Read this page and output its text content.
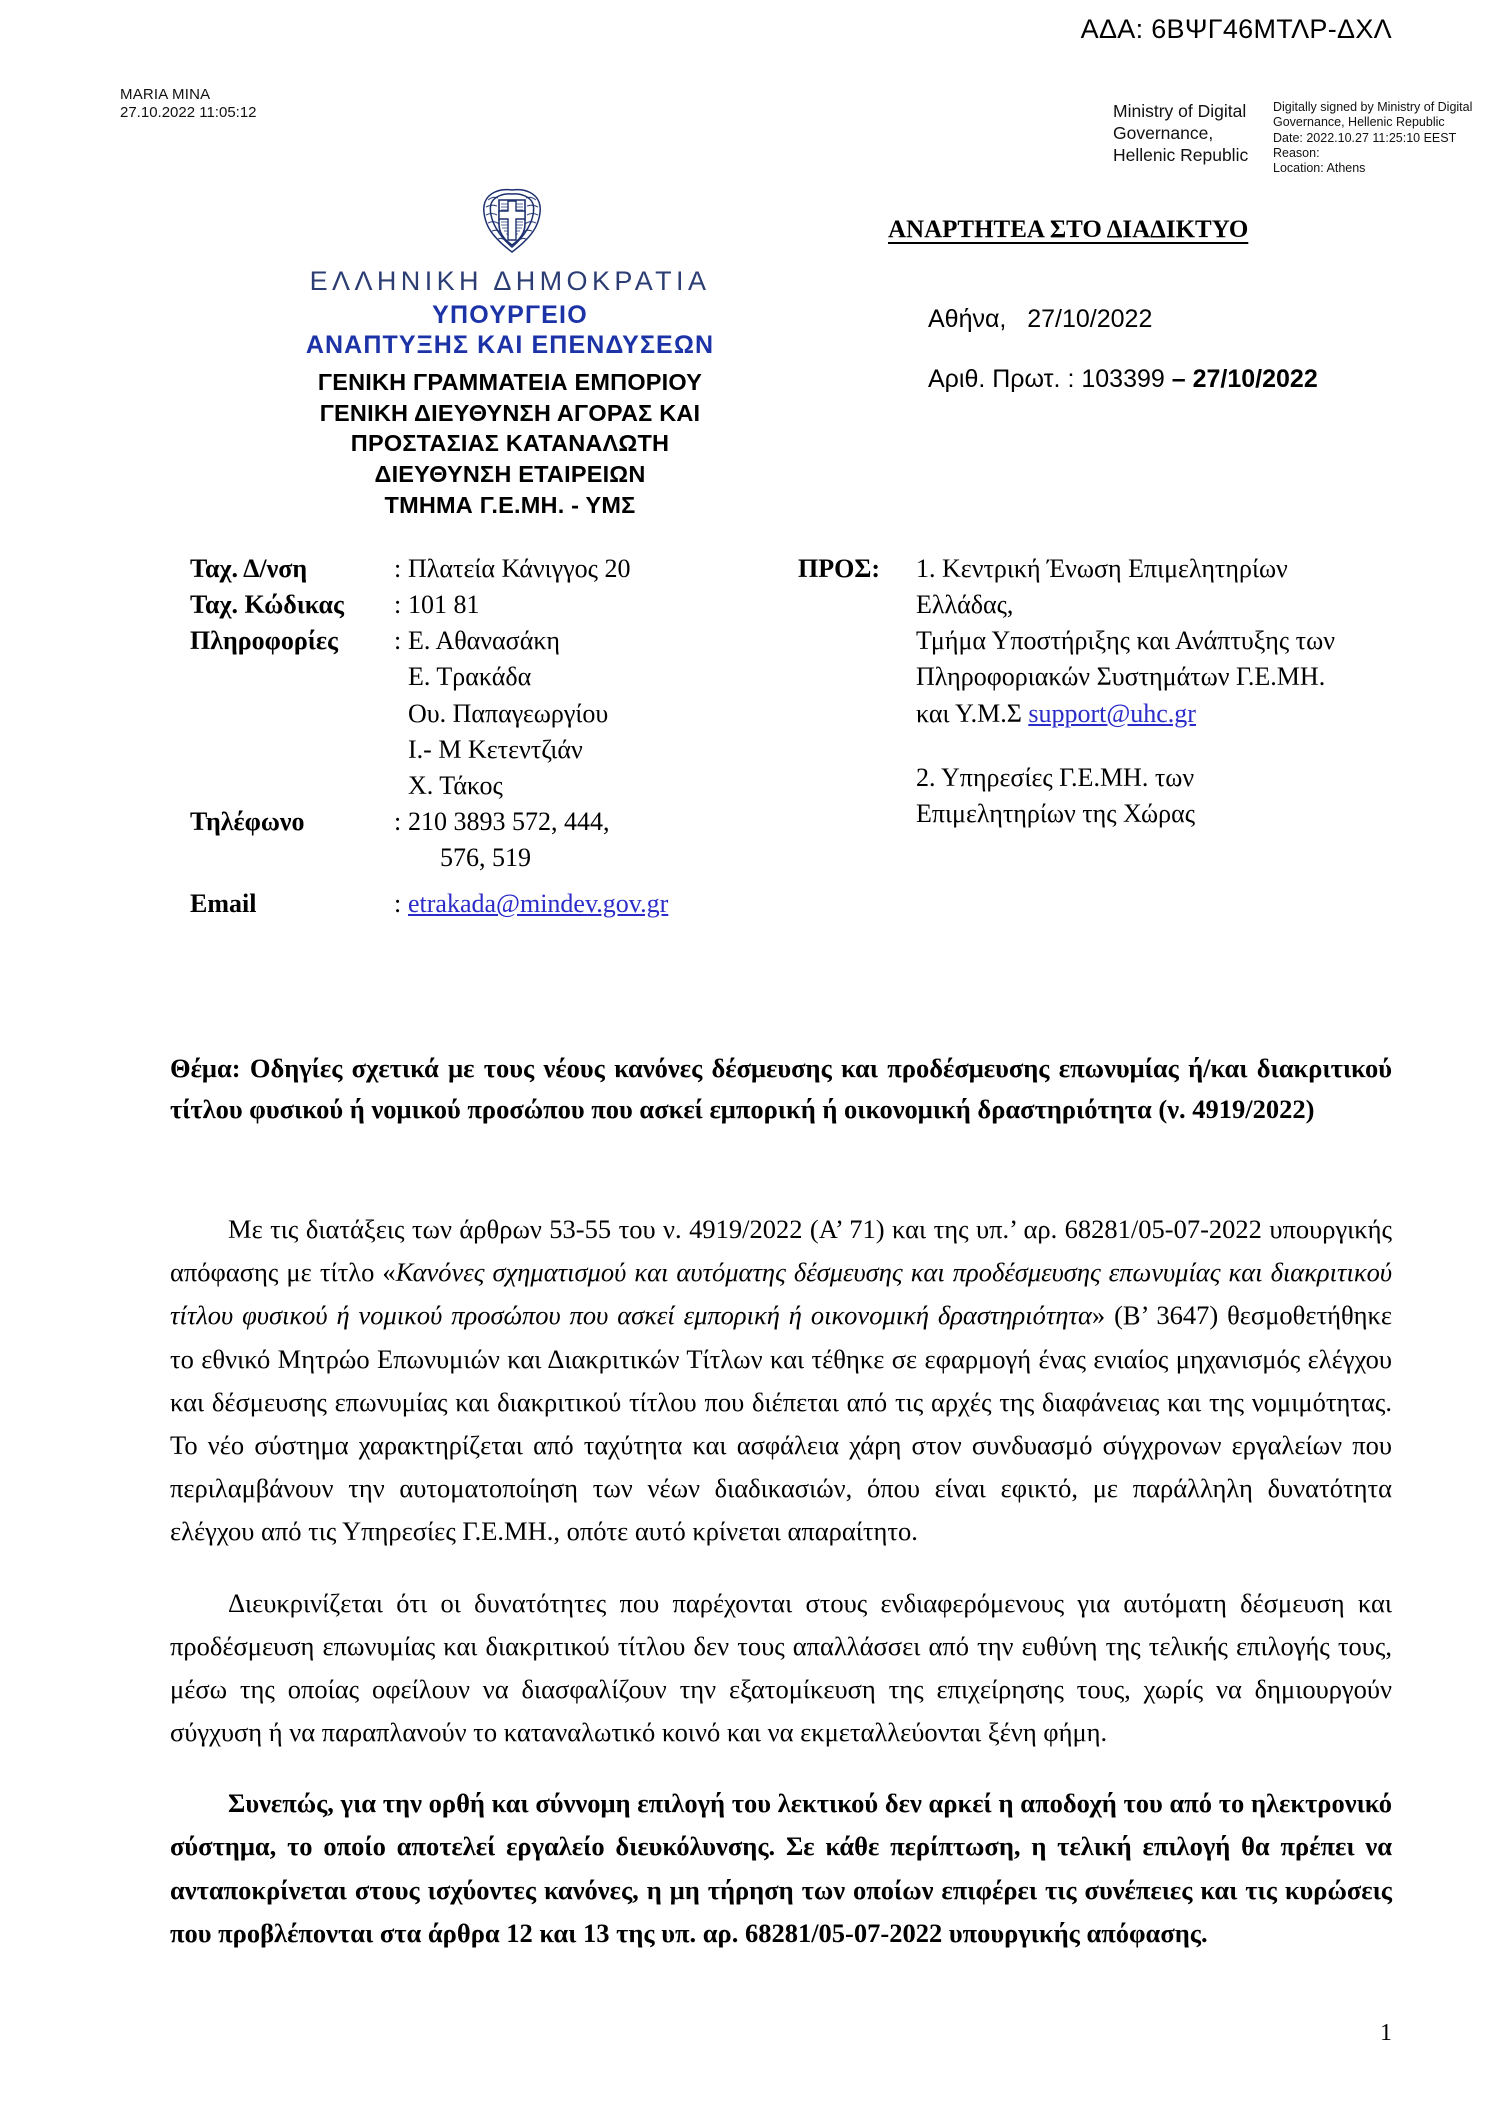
ΑΔΑ: 6ΒΨΓ46ΜΤΛΡ-ΔΧΛ
MARIA MINA
27.10.2022 11:05:12	Ministry of Digital Governance, Hellenic Republic
Digitally signed by Ministry of Digital Governance, Hellenic Republic
Date: 2022.10.27 11:25:10 EEST
Reason:
Location: Athens
ΕΛΛΗΝΙΚΗ ΔΗΜΟΚΡΑΤΙΑ
ΥΠΟΥΡΓΕΙΟ
ΑΝΑΠΤΥΞΗΣ ΚΑΙ ΕΠΕΝΔΥΣΕΩΝ
ΓΕΝΙΚΗ ΓΡΑΜΜΑΤΕΙΑ ΕΜΠΟΡΙΟΥ
ΓΕΝΙΚΗ ΔΙΕΥΘΥΝΣΗ ΑΓΟΡΑΣ ΚΑΙ
ΠΡΟΣΤΑΣΙΑΣ ΚΑΤΑΝΑΛΩΤΗ
ΔΙΕΥΘΥΝΣΗ ΕΤΑΙΡΕΙΩΝ
ΤΜΗΜΑ Γ.Ε.ΜΗ. - ΥΜΣ
ΑΝΑΡΤΗΤΕΑ ΣΤΟ ΔΙΑΔΙΚΤΥΟ
Αθήνα, 27/10/2022
Αριθ. Πρωτ. : 103399 – 27/10/2022
Ταχ. Δ/νση	: Πλατεία Κάνιγγος 20
Ταχ. Κώδικας	: 101 81
Πληροφορίες	: Ε. Αθανασάκη
Ε. Τρακάδα
Ου. Παπαγεωργίου
Ι.- Μ Κετεντζιάν
Χ. Τάκος
Τηλέφωνο	: 210 3893 572, 444,
576, 519
Email	: etrakada@mindev.gov.gr
ΠΡΟΣ: 1. Κεντρική Ένωση Επιμελητηρίων
Ελλάδας,
Τμήμα Υποστήριξης και Ανάπτυξης των
Πληροφοριακών Συστημάτων Γ.Ε.ΜΗ.
και Υ.Μ.Σ support@uhc.gr
2. Υπηρεσίες Γ.Ε.ΜΗ. των
Επιμελητηρίων της Χώρας
Θέμα: Οδηγίες σχετικά με τους νέους κανόνες δέσμευσης και προδέσμευσης επωνυμίας ή/και διακριτικού τίτλου φυσικού ή νομικού προσώπου που ασκεί εμπορική ή οικονομική δραστηριότητα (ν. 4919/2022)

Με τις διατάξεις των άρθρων 53-55 του ν. 4919/2022 (Α’ 71) και της υπ.’ αρ. 68281/05-07-2022 υπουργικής απόφασης με τίτλο «Κανόνες σχηματισμού και αυτόματης δέσμευσης και προδέσμευσης επωνυμίας και διακριτικού τίτλου φυσικού ή νομικού προσώπου που ασκεί εμπορική ή οικονομική δραστηριότητα» (Β’ 3647) θεσμοθετήθηκε το εθνικό Μητρώο Επωνυμιών και Διακριτικών Τίτλων και τέθηκε σε εφαρμογή ένας ενιαίος μηχανισμός ελέγχου και δέσμευσης επωνυμίας και διακριτικού τίτλου που διέπεται από τις αρχές της διαφάνειας και της νομιμότητας. Το νέο σύστημα χαρακτηρίζεται από ταχύτητα και ασφάλεια χάρη στον συνδυασμό σύγχρονων εργαλείων που περιλαμβάνουν την αυτοματοποίηση των νέων διαδικασιών, όπου είναι εφικτό, με παράλληλη δυνατότητα ελέγχου από τις Υπηρεσίες Γ.Ε.ΜΗ., οπότε αυτό κρίνεται απαραίτητο.

Διευκρινίζεται ότι οι δυνατότητες που παρέχονται στους ενδιαφερόμενους για αυτόματη δέσμευση και προδέσμευση επωνυμίας και διακριτικού τίτλου δεν τους απαλλάσσει από την ευθύνη της τελικής επιλογής τους, μέσω της οποίας οφείλουν να διασφαλίζουν την εξατομίκευση της επιχείρησης τους, χωρίς να δημιουργούν σύγχυση ή να παραπλανούν το καταναλωτικό κοινό και να εκμεταλλεύονται ξένη φήμη.

Συνεπώς, για την ορθή και σύννομη επιλογή του λεκτικού δεν αρκεί η αποδοχή του από το ηλεκτρονικό σύστημα, το οποίο αποτελεί εργαλείο διευκόλυνσης. Σε κάθε περίπτωση, η τελική επιλογή θα πρέπει να ανταποκρίνεται στους ισχύοντες κανόνες, η μη τήρηση των οποίων επιφέρει τις συνέπειες και τις κυρώσεις που προβλέπονται στα άρθρα 12 και 13 της υπ. αρ. 68281/05-07-2022 υπουργικής απόφασης.

1
